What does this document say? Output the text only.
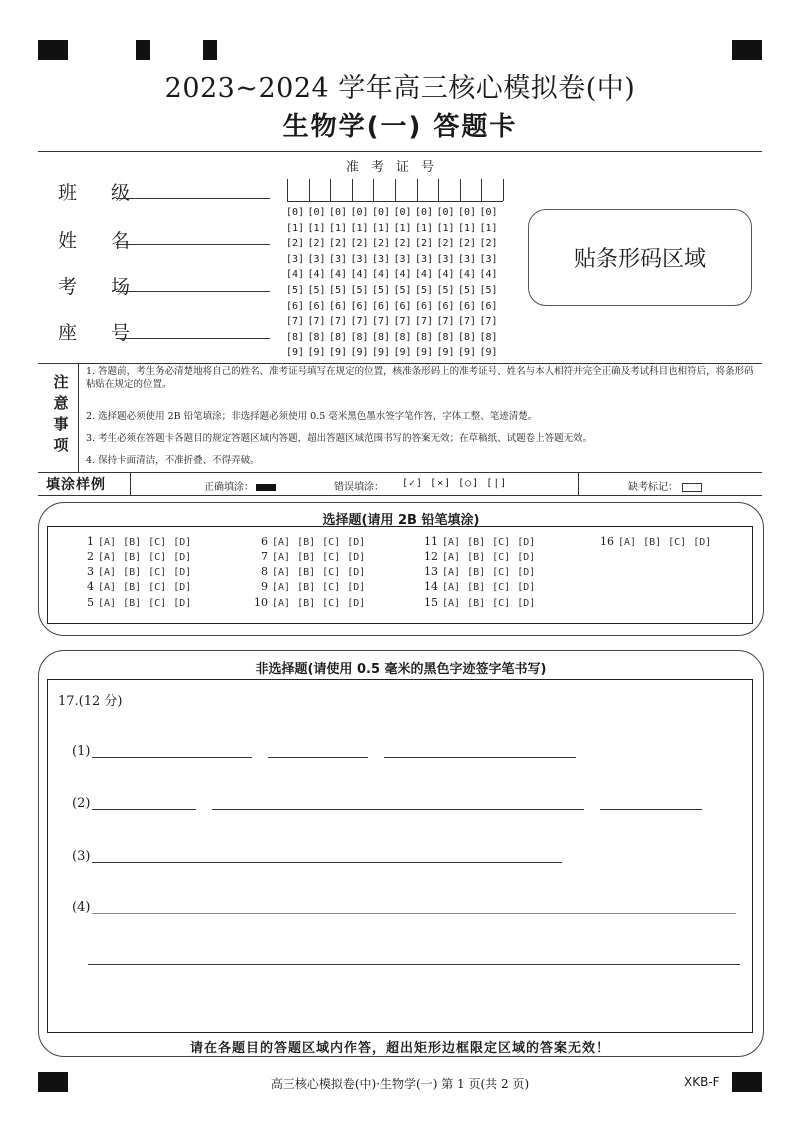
2023~2024 学年高三核心模拟卷(中)
生物学(一) 答题卡
班 级
姓 名
考 场
座 号
准考证号
[0] [0] [0] [0] [0] [0] [0] [0] [0] [0]
[1] [1] [1] [1] [1] [1] [1] [1] [1] [1]
[2] [2] [2] [2] [2] [2] [2] [2] [2] [2]
[3] [3] [3] [3] [3] [3] [3] [3] [3] [3]
[4] [4] [4] [4] [4] [4] [4] [4] [4] [4]
[5] [5] [5] [5] [5] [5] [5] [5] [5] [5]
[6] [6] [6] [6] [6] [6] [6] [6] [6] [6]
[7] [7] [7] [7] [7] [7] [7] [7] [7] [7]
[8] [8] [8] [8] [8] [8] [8] [8] [8] [8]
[9] [9] [9] [9] [9] [9] [9] [9] [9] [9]
贴条形码区域
注
意
事
项
1. 答题前，考生务必清楚地将自己的姓名、准考证号填写在规定的位置，核准条形码上的准考证号、姓名与本人相符并完全正确及考试科目也相符后，将条形码粘贴在规定的位置。
2. 选择题必须使用 2B 铅笔填涂；非选择题必须使用 0.5 毫米黑色墨水签字笔作答，字体工整、笔迹清楚。
3. 考生必须在答题卡各题目的规定答题区域内答题，超出答题区域范围书写的答案无效；在草稿纸、试题卷上答题无效。
4. 保持卡面清洁，不准折叠、不得弄破。
填涂样例	正确填涂：	错误填涂： [✓] [×] [○] [|]	缺考标记：
选择题(请用 2B 铅笔填涂)
1 [A] [B] [C] [D]
2 [A] [B] [C] [D]
3 [A] [B] [C] [D]
4 [A] [B] [C] [D]
5 [A] [B] [C] [D]
6 [A] [B] [C] [D]
7 [A] [B] [C] [D]
8 [A] [B] [C] [D]
9 [A] [B] [C] [D]
10 [A] [B] [C] [D]
11 [A] [B] [C] [D]
12 [A] [B] [C] [D]
13 [A] [B] [C] [D]
14 [A] [B] [C] [D]
15 [A] [B] [C] [D]
16 [A] [B] [C] [D]
非选择题(请使用 0.5 毫米的黑色字迹签字笔书写)
17.(12 分)
(1)
(2)
(3)
(4)
请在各题目的答题区域内作答，超出矩形边框限定区域的答案无效！
高三核心模拟卷(中)·生物学(一) 第 1 页(共 2 页)	XKB-F
